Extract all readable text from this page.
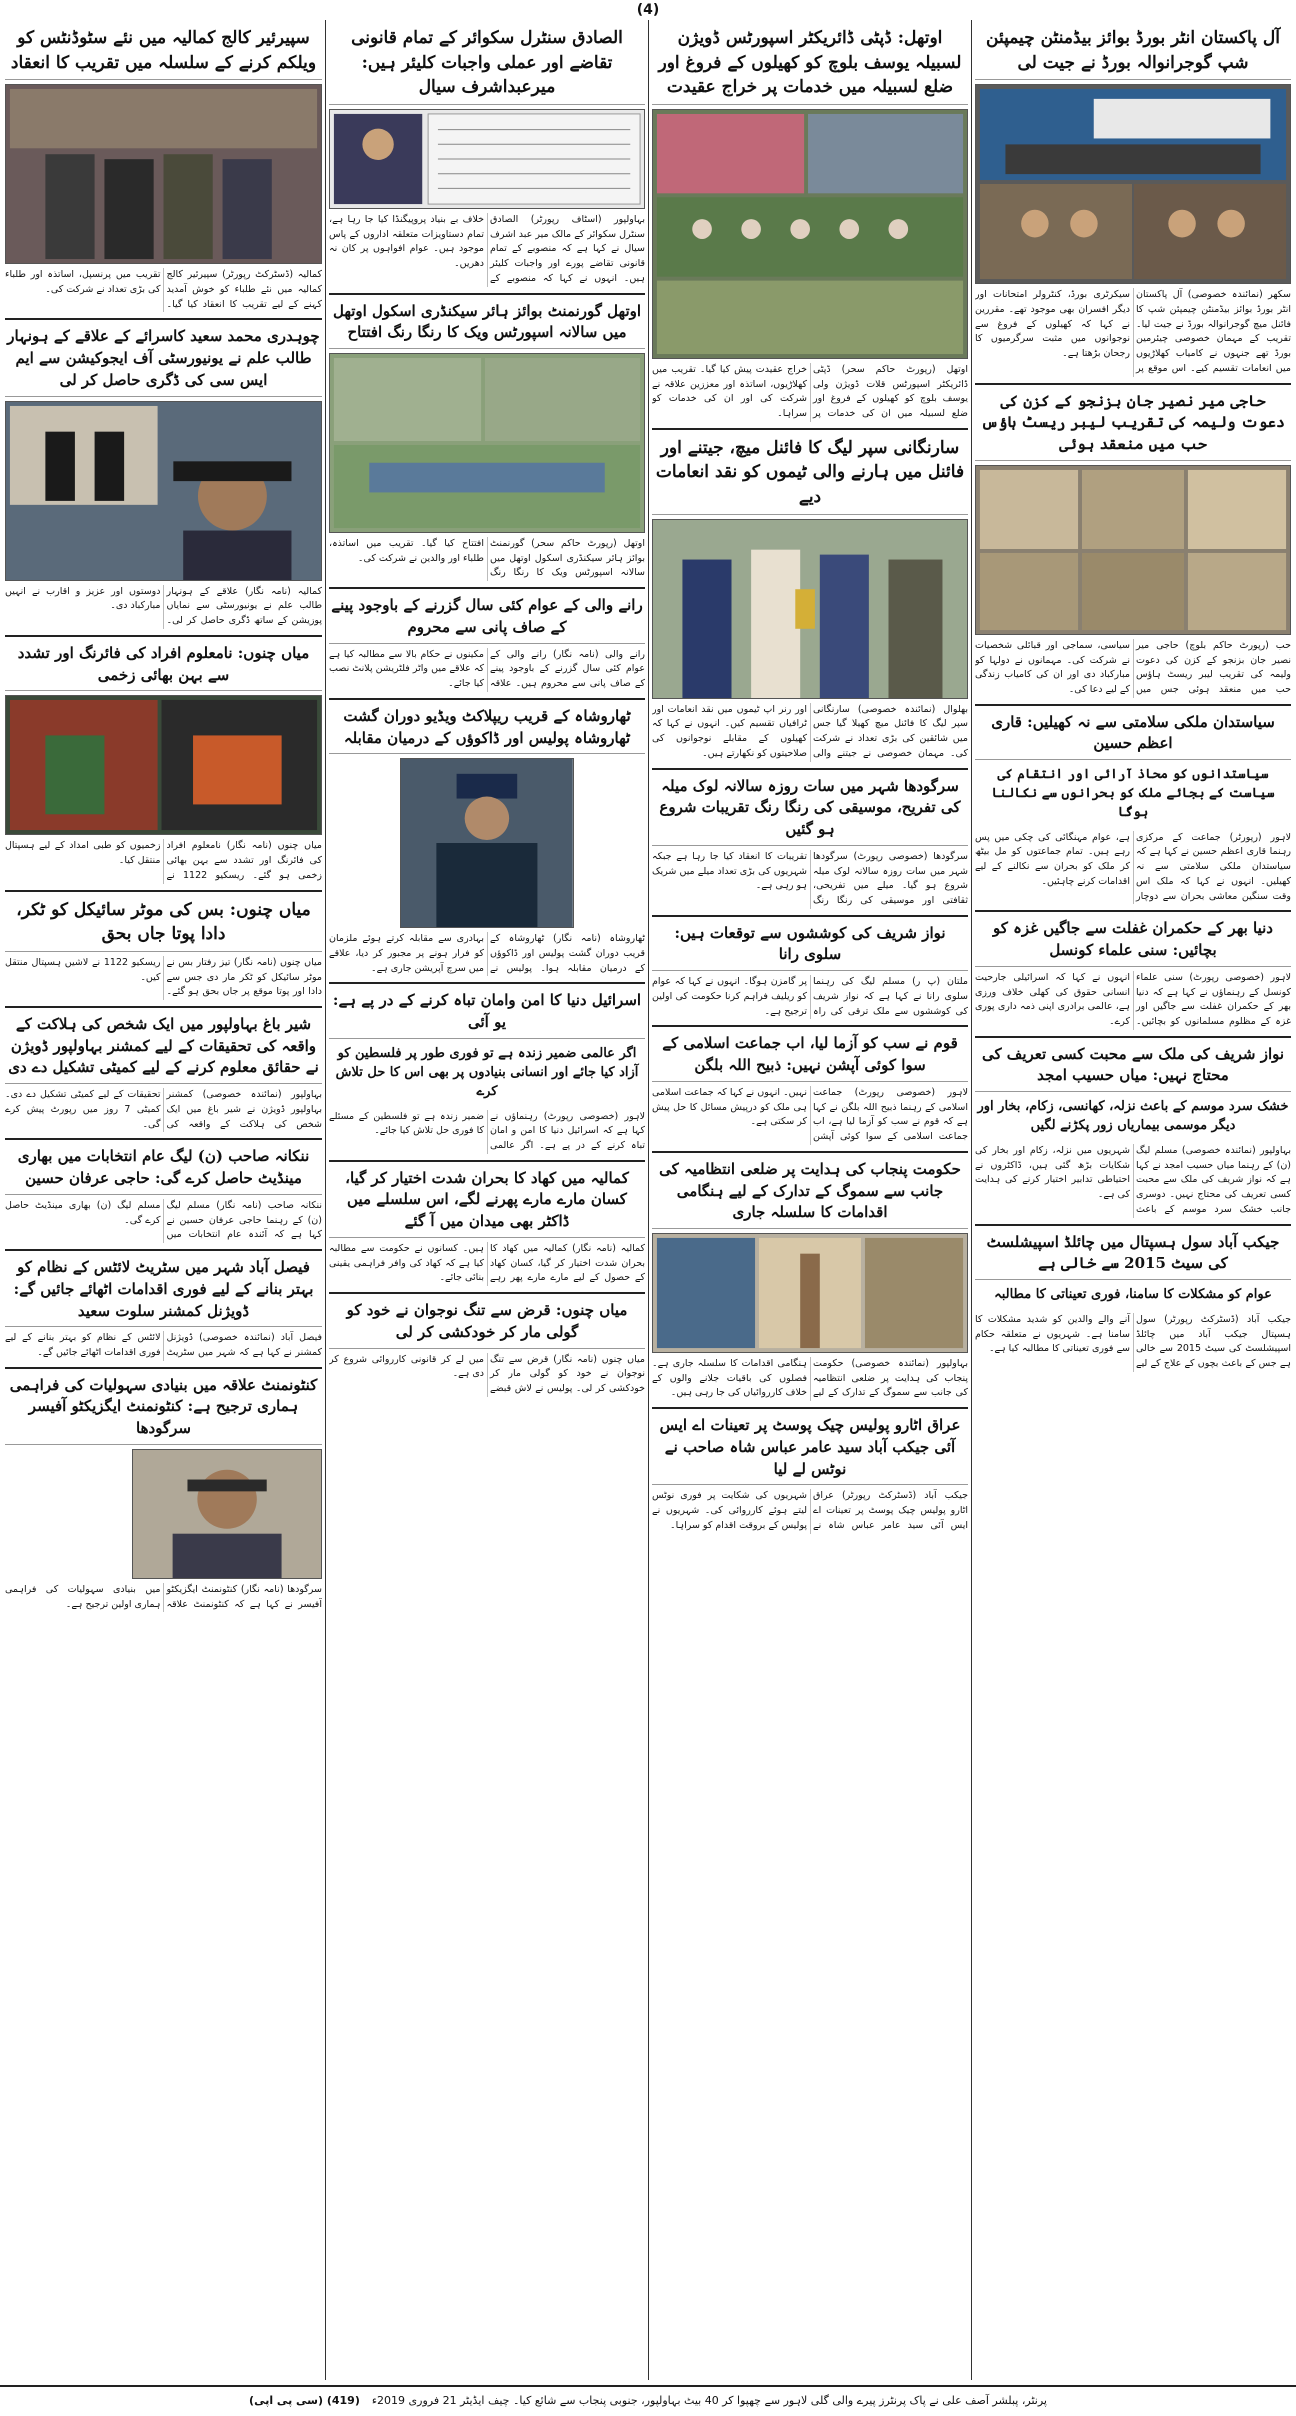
(4)
آل پاکستان انٹر بورڈ بوائز بیڈمنٹن چیمپئن شپ گوجرانوالہ بورڈ نے جیت لی
سکھر (نمائندہ خصوصی) آل پاکستان انٹر بورڈ بوائز بیڈمنٹن چیمپئن شپ کا فائنل میچ گوجرانوالہ بورڈ نے جیت لیا۔ تقریب کے مہمان خصوصی چیئرمین بورڈ تھے جنہوں نے کامیاب کھلاڑیوں میں انعامات تقسیم کیے۔ اس موقع پر سیکرٹری بورڈ، کنٹرولر امتحانات اور دیگر افسران بھی موجود تھے۔ مقررین نے کہا کہ کھیلوں کے فروغ سے نوجوانوں میں مثبت سرگرمیوں کا رجحان بڑھتا ہے۔
حاجی میر نصیر جان بزنجو کے کزن کی دعوت ولیمہ کی تقریب لیبر ریسٹ ہاؤس حب میں منعقد ہوئی
حب (رپورٹ حاکم بلوچ) حاجی میر نصیر جان بزنجو کے کزن کی دعوت ولیمہ کی تقریب لیبر ریسٹ ہاؤس حب میں منعقد ہوئی جس میں سیاسی، سماجی اور قبائلی شخصیات نے شرکت کی۔ مہمانوں نے دولہا کو مبارکباد دی اور ان کی کامیاب زندگی کے لیے دعا کی۔
سیاستدان ملکی سلامتی سے نہ کھیلیں: قاری اعظم حسین
سیاستدانوں کو محاذ آرائی اور انتقام کی سیاست کے بجائے ملک کو بحرانوں سے نکالنا ہوگا
لاہور (رپورٹر) جماعت کے مرکزی رہنما قاری اعظم حسین نے کہا ہے کہ سیاستدان ملکی سلامتی سے نہ کھیلیں۔ انہوں نے کہا کہ ملک اس وقت سنگین معاشی بحران سے دوچار ہے، عوام مہنگائی کی چکی میں پس رہے ہیں۔ تمام جماعتوں کو مل بیٹھ کر ملک کو بحران سے نکالنے کے لیے اقدامات کرنے چاہئیں۔
دنیا بھر کے حکمران غفلت سے جاگیں غزہ کو بچائیں: سنی علماء کونسل
لاہور (خصوصی رپورٹ) سنی علماء کونسل کے رہنماؤں نے کہا ہے کہ دنیا بھر کے حکمران غفلت سے جاگیں اور غزہ کے مظلوم مسلمانوں کو بچائیں۔ انہوں نے کہا کہ اسرائیلی جارحیت انسانی حقوق کی کھلی خلاف ورزی ہے، عالمی برادری اپنی ذمہ داری پوری کرے۔
نواز شریف کی ملک سے محبت کسی تعریف کی محتاج نہیں: میاں حسیب امجد
خشک سرد موسم کے باعث نزلہ، کھانسی، زکام، بخار اور دیگر موسمی بیماریاں زور پکڑنے لگیں
بہاولپور (نمائندہ خصوصی) مسلم لیگ (ن) کے رہنما میاں حسیب امجد نے کہا ہے کہ نواز شریف کی ملک سے محبت کسی تعریف کی محتاج نہیں۔ دوسری جانب خشک سرد موسم کے باعث شہریوں میں نزلہ، زکام اور بخار کی شکایات بڑھ گئی ہیں، ڈاکٹروں نے احتیاطی تدابیر اختیار کرنے کی ہدایت کی ہے۔
جیکب آباد سول ہسپتال میں چائلڈ اسپیشلسٹ کی سیٹ 2015 سے خالی ہے
عوام کو مشکلات کا سامنا، فوری تعیناتی کا مطالبہ
جیکب آباد (ڈسٹرکٹ رپورٹر) سول ہسپتال جیکب آباد میں چائلڈ اسپیشلسٹ کی سیٹ 2015 سے خالی ہے جس کے باعث بچوں کے علاج کے لیے آنے والے والدین کو شدید مشکلات کا سامنا ہے۔ شہریوں نے متعلقہ حکام سے فوری تعیناتی کا مطالبہ کیا ہے۔
اوتھل: ڈپٹی ڈائریکٹر اسپورٹس ڈویژن لسبیلہ یوسف بلوچ کو کھیلوں کے فروغ اور ضلع لسبیلہ میں خدمات پر خراج عقیدت
اوتھل (رپورٹ حاکم سحر) ڈپٹی ڈائریکٹر اسپورٹس قلات ڈویژن ولی یوسف بلوچ کو کھیلوں کے فروغ اور ضلع لسبیلہ میں ان کی خدمات پر خراج عقیدت پیش کیا گیا۔ تقریب میں کھلاڑیوں، اساتذہ اور معززین علاقہ نے شرکت کی اور ان کی خدمات کو سراہا۔
سارنگانی سپر لیگ کا فائنل میچ، جیتنے اور فائنل میں ہارنے والی ٹیموں کو نقد انعامات دیے
بھلوال (نمائندہ خصوصی) سارنگانی سپر لیگ کا فائنل میچ کھیلا گیا جس میں شائقین کی بڑی تعداد نے شرکت کی۔ مہمان خصوصی نے جیتنے والی اور رنر اپ ٹیموں میں نقد انعامات اور ٹرافیاں تقسیم کیں۔ انہوں نے کہا کہ کھیلوں کے مقابلے نوجوانوں کی صلاحیتوں کو نکھارتے ہیں۔
سرگودھا شہر میں سات روزہ سالانہ لوک میلہ کی تفریح، موسیقی کی رنگا رنگ تقریبات شروع ہو گئیں
سرگودھا (خصوصی رپورٹ) سرگودھا شہر میں سات روزہ سالانہ لوک میلہ شروع ہو گیا۔ میلے میں تفریحی، ثقافتی اور موسیقی کی رنگا رنگ تقریبات کا انعقاد کیا جا رہا ہے جبکہ شہریوں کی بڑی تعداد میلے میں شریک ہو رہی ہے۔
نواز شریف کی کوششوں سے توقعات ہیں: سلوی رانا
ملتان (پ ر) مسلم لیگ کی رہنما سلوی رانا نے کہا ہے کہ نواز شریف کی کوششوں سے ملک ترقی کی راہ پر گامزن ہوگا۔ انہوں نے کہا کہ عوام کو ریلیف فراہم کرنا حکومت کی اولین ترجیح ہے۔
قوم نے سب کو آزما لیا، اب جماعت اسلامی کے سوا کوئی آپشن نہیں: ذبیح اللہ بلگن
لاہور (خصوصی رپورٹ) جماعت اسلامی کے رہنما ذبیح اللہ بلگن نے کہا ہے کہ قوم نے سب کو آزما لیا ہے، اب جماعت اسلامی کے سوا کوئی آپشن نہیں۔ انہوں نے کہا کہ جماعت اسلامی ہی ملک کو درپیش مسائل کا حل پیش کر سکتی ہے۔
حکومت پنجاب کی ہدایت پر ضلعی انتظامیہ کی جانب سے سموگ کے تدارک کے لیے ہنگامی اقدامات کا سلسلہ جاری
بہاولپور (نمائندہ خصوصی) حکومت پنجاب کی ہدایت پر ضلعی انتظامیہ کی جانب سے سموگ کے تدارک کے لیے ہنگامی اقدامات کا سلسلہ جاری ہے۔ فصلوں کی باقیات جلانے والوں کے خلاف کارروائیاں کی جا رہی ہیں۔
عراق اٹارو پولیس چیک پوسٹ پر تعینات اے ایس آئی جیکب آباد سید عامر عباس شاہ صاحب نے نوٹس لے لیا
جیکب آباد (ڈسٹرکٹ رپورٹر) عراق اٹارو پولیس چیک پوسٹ پر تعینات اے ایس آئی سید عامر عباس شاہ نے شہریوں کی شکایت پر فوری نوٹس لیتے ہوئے کارروائی کی۔ شہریوں نے پولیس کے بروقت اقدام کو سراہا۔
الصادق سنٹرل سکوائر کے تمام قانونی تقاضے اور عملی واجبات کلیئر ہیں: میرعبداشرف سیال
بہاولپور (اسٹاف رپورٹر) الصادق سنٹرل سکوائر کے مالک میر عبد اشرف سیال نے کہا ہے کہ منصوبے کے تمام قانونی تقاضے پورے اور واجبات کلیئر ہیں۔ انہوں نے کہا کہ منصوبے کے خلاف بے بنیاد پروپیگنڈا کیا جا رہا ہے، تمام دستاویزات متعلقہ اداروں کے پاس موجود ہیں۔ عوام افواہوں پر کان نہ دھریں۔
اوتھل گورنمنٹ بوائز ہائر سیکنڈری اسکول اوتھل میں سالانہ اسپورٹس ویک کا رنگا رنگ افتتاح
اوتھل (رپورٹ حاکم سحر) گورنمنٹ بوائز ہائر سیکنڈری اسکول اوتھل میں سالانہ اسپورٹس ویک کا رنگا رنگ افتتاح کیا گیا۔ تقریب میں اساتذہ، طلباء اور والدین نے شرکت کی۔
رانے والی کے عوام کئی سال گزرنے کے باوجود پینے کے صاف پانی سے محروم
رانے والی (نامہ نگار) رانے والی کے عوام کئی سال گزرنے کے باوجود پینے کے صاف پانی سے محروم ہیں۔ علاقہ مکینوں نے حکام بالا سے مطالبہ کیا ہے کہ علاقے میں واٹر فلٹریشن پلانٹ نصب کیا جائے۔
ٹھاروشاہ کے قریب ریپلاکٹ ویڈیو دوران گشت ٹھاروشاہ پولیس اور ڈاکوؤں کے درمیان مقابلہ
ٹھاروشاہ (نامہ نگار) ٹھاروشاہ کے قریب دوران گشت پولیس اور ڈاکوؤں کے درمیان مقابلہ ہوا۔ پولیس نے بہادری سے مقابلہ کرتے ہوئے ملزمان کو فرار ہونے پر مجبور کر دیا، علاقے میں سرچ آپریشن جاری ہے۔
اسرائیل دنیا کا امن وامان تباہ کرنے کے در پے ہے: یو آئی
اگر عالمی ضمیر زندہ ہے تو فوری طور پر فلسطین کو آزاد کیا جائے اور انسانی بنیادوں پر بھی اس کا حل تلاش کرے
لاہور (خصوصی رپورٹ) رہنماؤں نے کہا ہے کہ اسرائیل دنیا کا امن و امان تباہ کرنے کے در پے ہے۔ اگر عالمی ضمیر زندہ ہے تو فلسطین کے مسئلے کا فوری حل تلاش کیا جائے۔
کمالیہ میں کھاد کا بحران شدت اختیار کر گیا، کسان مارے مارے پھرنے لگے، اس سلسلے میں ڈاکٹر بھی میدان میں آ گئے
کمالیہ (نامہ نگار) کمالیہ میں کھاد کا بحران شدت اختیار کر گیا، کسان کھاد کے حصول کے لیے مارے مارے پھر رہے ہیں۔ کسانوں نے حکومت سے مطالبہ کیا ہے کہ کھاد کی وافر فراہمی یقینی بنائی جائے۔
میاں چنوں: قرض سے تنگ نوجوان نے خود کو گولی مار کر خودکشی کر لی
میاں چنوں (نامہ نگار) قرض سے تنگ نوجوان نے خود کو گولی مار کر خودکشی کر لی۔ پولیس نے لاش قبضے میں لے کر قانونی کارروائی شروع کر دی ہے۔
سپیرئیر کالج کمالیہ میں نئے سٹوڈنٹس کو ویلکم کرنے کے سلسلہ میں تقریب کا انعقاد
کمالیہ (ڈسٹرکٹ رپورٹر) سپیرئیر کالج کمالیہ میں نئے طلباء کو خوش آمدید کہنے کے لیے تقریب کا انعقاد کیا گیا۔ تقریب میں پرنسپل، اساتذہ اور طلباء کی بڑی تعداد نے شرکت کی۔
چوہدری محمد سعید کاسرائے کے علاقے کے ہونہار طالب علم نے یونیورسٹی آف ایجوکیشن سے ایم ایس سی کی ڈگری حاصل کر لی
کمالیہ (نامہ نگار) علاقے کے ہونہار طالب علم نے یونیورسٹی سے نمایاں پوزیشن کے ساتھ ڈگری حاصل کر لی۔ دوستوں اور عزیز و اقارب نے انہیں مبارکباد دی۔
میاں چنوں: نامعلوم افراد کی فائرنگ اور تشدد سے بہن بھائی زخمی
میاں چنوں (نامہ نگار) نامعلوم افراد کی فائرنگ اور تشدد سے بہن بھائی زخمی ہو گئے۔ ریسکیو 1122 نے زخمیوں کو طبی امداد کے لیے ہسپتال منتقل کیا۔
میاں چنوں: بس کی موٹر سائیکل کو ٹکر، دادا پوتا جاں بحق
میاں چنوں (نامہ نگار) تیز رفتار بس نے موٹر سائیکل کو ٹکر مار دی جس سے دادا اور پوتا موقع پر جاں بحق ہو گئے۔ ریسکیو 1122 نے لاشیں ہسپتال منتقل کیں۔
شیر باغ بہاولپور میں ایک شخص کی ہلاکت کے واقعہ کی تحقیقات کے لیے کمشنر بہاولپور ڈویژن نے حقائق معلوم کرنے کے لیے کمیٹی تشکیل دے دی
بہاولپور (نمائندہ خصوصی) کمشنر بہاولپور ڈویژن نے شیر باغ میں ایک شخص کی ہلاکت کے واقعہ کی تحقیقات کے لیے کمیٹی تشکیل دے دی۔ کمیٹی 7 روز میں رپورٹ پیش کرے گی۔
ننکانہ صاحب (ن) لیگ عام انتخابات میں بھاری مینڈیٹ حاصل کرے گی: حاجی عرفان حسین
ننکانہ صاحب (نامہ نگار) مسلم لیگ (ن) کے رہنما حاجی عرفان حسین نے کہا ہے کہ آئندہ عام انتخابات میں مسلم لیگ (ن) بھاری مینڈیٹ حاصل کرے گی۔
فیصل آباد شہر میں سٹریٹ لائٹس کے نظام کو بہتر بنانے کے لیے فوری اقدامات اٹھائے جائیں گے: ڈویژنل کمشنر سلوت سعید
فیصل آباد (نمائندہ خصوصی) ڈویژنل کمشنر نے کہا ہے کہ شہر میں سٹریٹ لائٹس کے نظام کو بہتر بنانے کے لیے فوری اقدامات اٹھائے جائیں گے۔
کنٹونمنٹ علاقہ میں بنیادی سہولیات کی فراہمی ہماری ترجیح ہے: کنٹونمنٹ ایگزیکٹو آفیسر سرگودھا
سرگودھا (نامہ نگار) کنٹونمنٹ ایگزیکٹو آفیسر نے کہا ہے کہ کنٹونمنٹ علاقہ میں بنیادی سہولیات کی فراہمی ہماری اولین ترجیح ہے۔
پرنٹر، پبلشر آصف علی نے پاک پرنٹرز پیرے والی گلی لاہور سے چھپوا کر 40 بیٹ بہاولپور، جنوبی پنجاب سے شائع کیا۔ چیف ایڈیٹر 21 فروری 2019ء
(419) (سی پی اپی)
